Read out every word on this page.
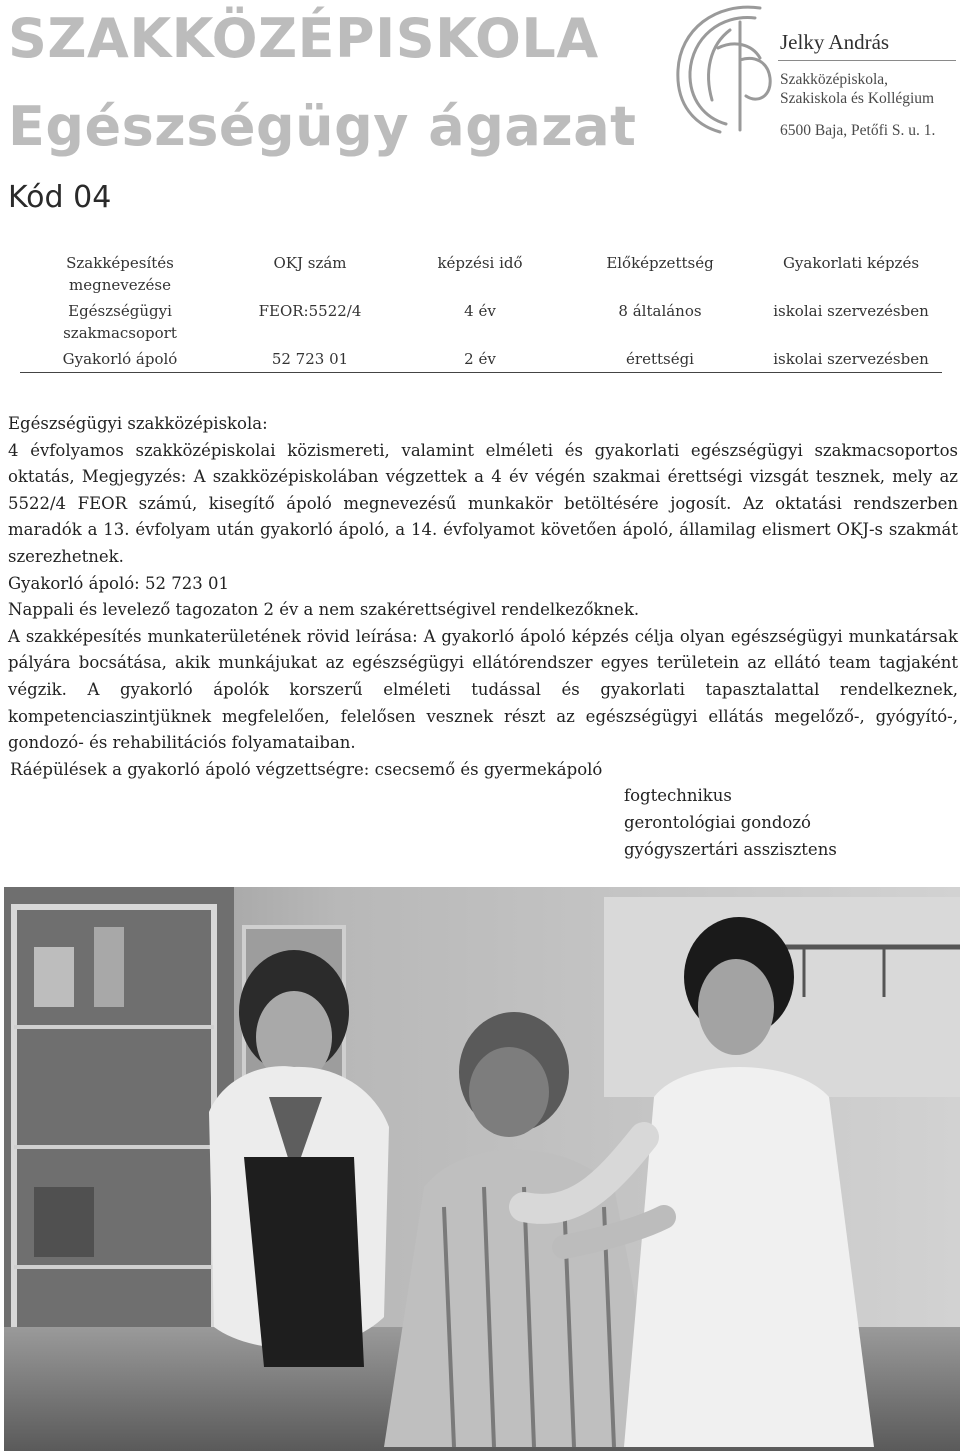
SZAKKÖZÉPISKOLA
Egészségügy ágazat
Kód 04
Jelky András
Szakközépiskola,
Szakiskola és Kollégium
6500 Baja, Petőfi S. u. 1.
Szakképesítés megnevezése	OKJ szám	képzési idő	Előképzettség	Gyakorlati képzés
Egészségügyi szakmacsoport	FEOR:5522/4	4 év	8 általános	iskolai szervezésben
Gyakorló ápoló	52 723 01	2 év	érettségi	iskolai szervezésben

Egészségügyi szakközépiskola:

4 évfolyamos szakközépiskolai közismereti, valamint elméleti és gyakorlati egészségügyi szakmacsoportos oktatás, Megjegyzés: A szakközépiskolában végzettek a 4 év végén szakmai érettségi vizsgát tesznek, mely az 5522/4 FEOR számú, kisegítő ápoló megnevezésű munkakör betöltésére jogosít. Az oktatási rendszerben maradók a 13. évfolyam után gyakorló ápoló, a 14. évfolyamot követően ápoló, államilag elismert OKJ-s szakmát szerezhetnek.

Gyakorló ápoló: 52 723 01

Nappali és levelező tagozaton 2 év a nem szakérettségivel rendelkezőknek.

A szakképesítés munkaterületének rövid leírása: A gyakorló ápoló képzés célja olyan egészségügyi munkatársak pályára bocsátása, akik munkájukat az egészségügyi ellátórendszer egyes területein az ellátó team tagjaként végzik. A gyakorló ápolók korszerű elméleti tudással és gyakorlati tapasztalattal rendelkeznek, kompetenciaszintjüknek megfelelően, felelősen vesznek részt az egészségügyi ellátás megelőző-, gyógyító-, gondozó- és rehabilitációs folyamataiban.

Ráépülések a gyakorló ápoló végzettségre: csecsemő és gyermekápoló

fogtechnikus

gerontológiai gondozó

gyógyszertári asszisztens
